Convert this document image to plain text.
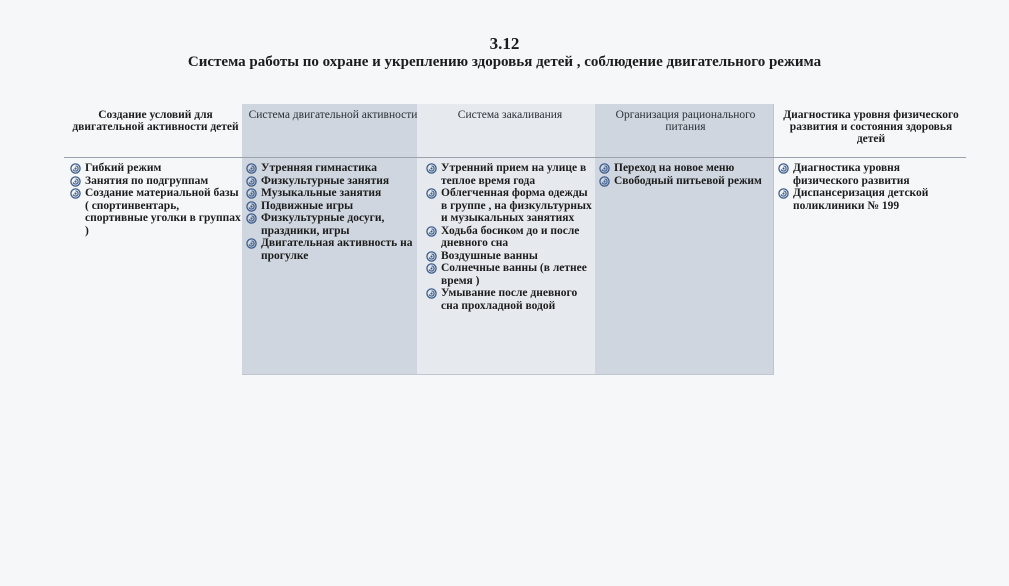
3.12
Система работы по охране и укреплению здоровья детей , соблюдение двигательного режима
Создание условий для двигательной активности детей
Система двигательной активности	Система закаливания	Организация рационального питания
Диагностика уровня физического развития и состояния здоровья детей
Гибкий режим
Занятия по подгруппам
Создание материальной базы ( спортинвентарь, спортивные уголки в группах )
Утренняя гимнастика
Физкультурные занятия
Музыкальные занятия
Подвижные игры
Физкультурные досуги, праздники, игры
Двигательная активность на прогулке
Утренний прием на улице в теплое время года
Облегченная форма одежды в группе , на физкультурных и музыкальных занятиях
Ходьба босиком до и после дневного сна
Воздушные ванны
Солнечные ванны (в летнее время )
Умывание после дневного сна прохладной водой
Переход на новое меню
Свободный питьевой режим
Диагностика уровня физического развития
Диспансеризация детской поликлиники № 199
